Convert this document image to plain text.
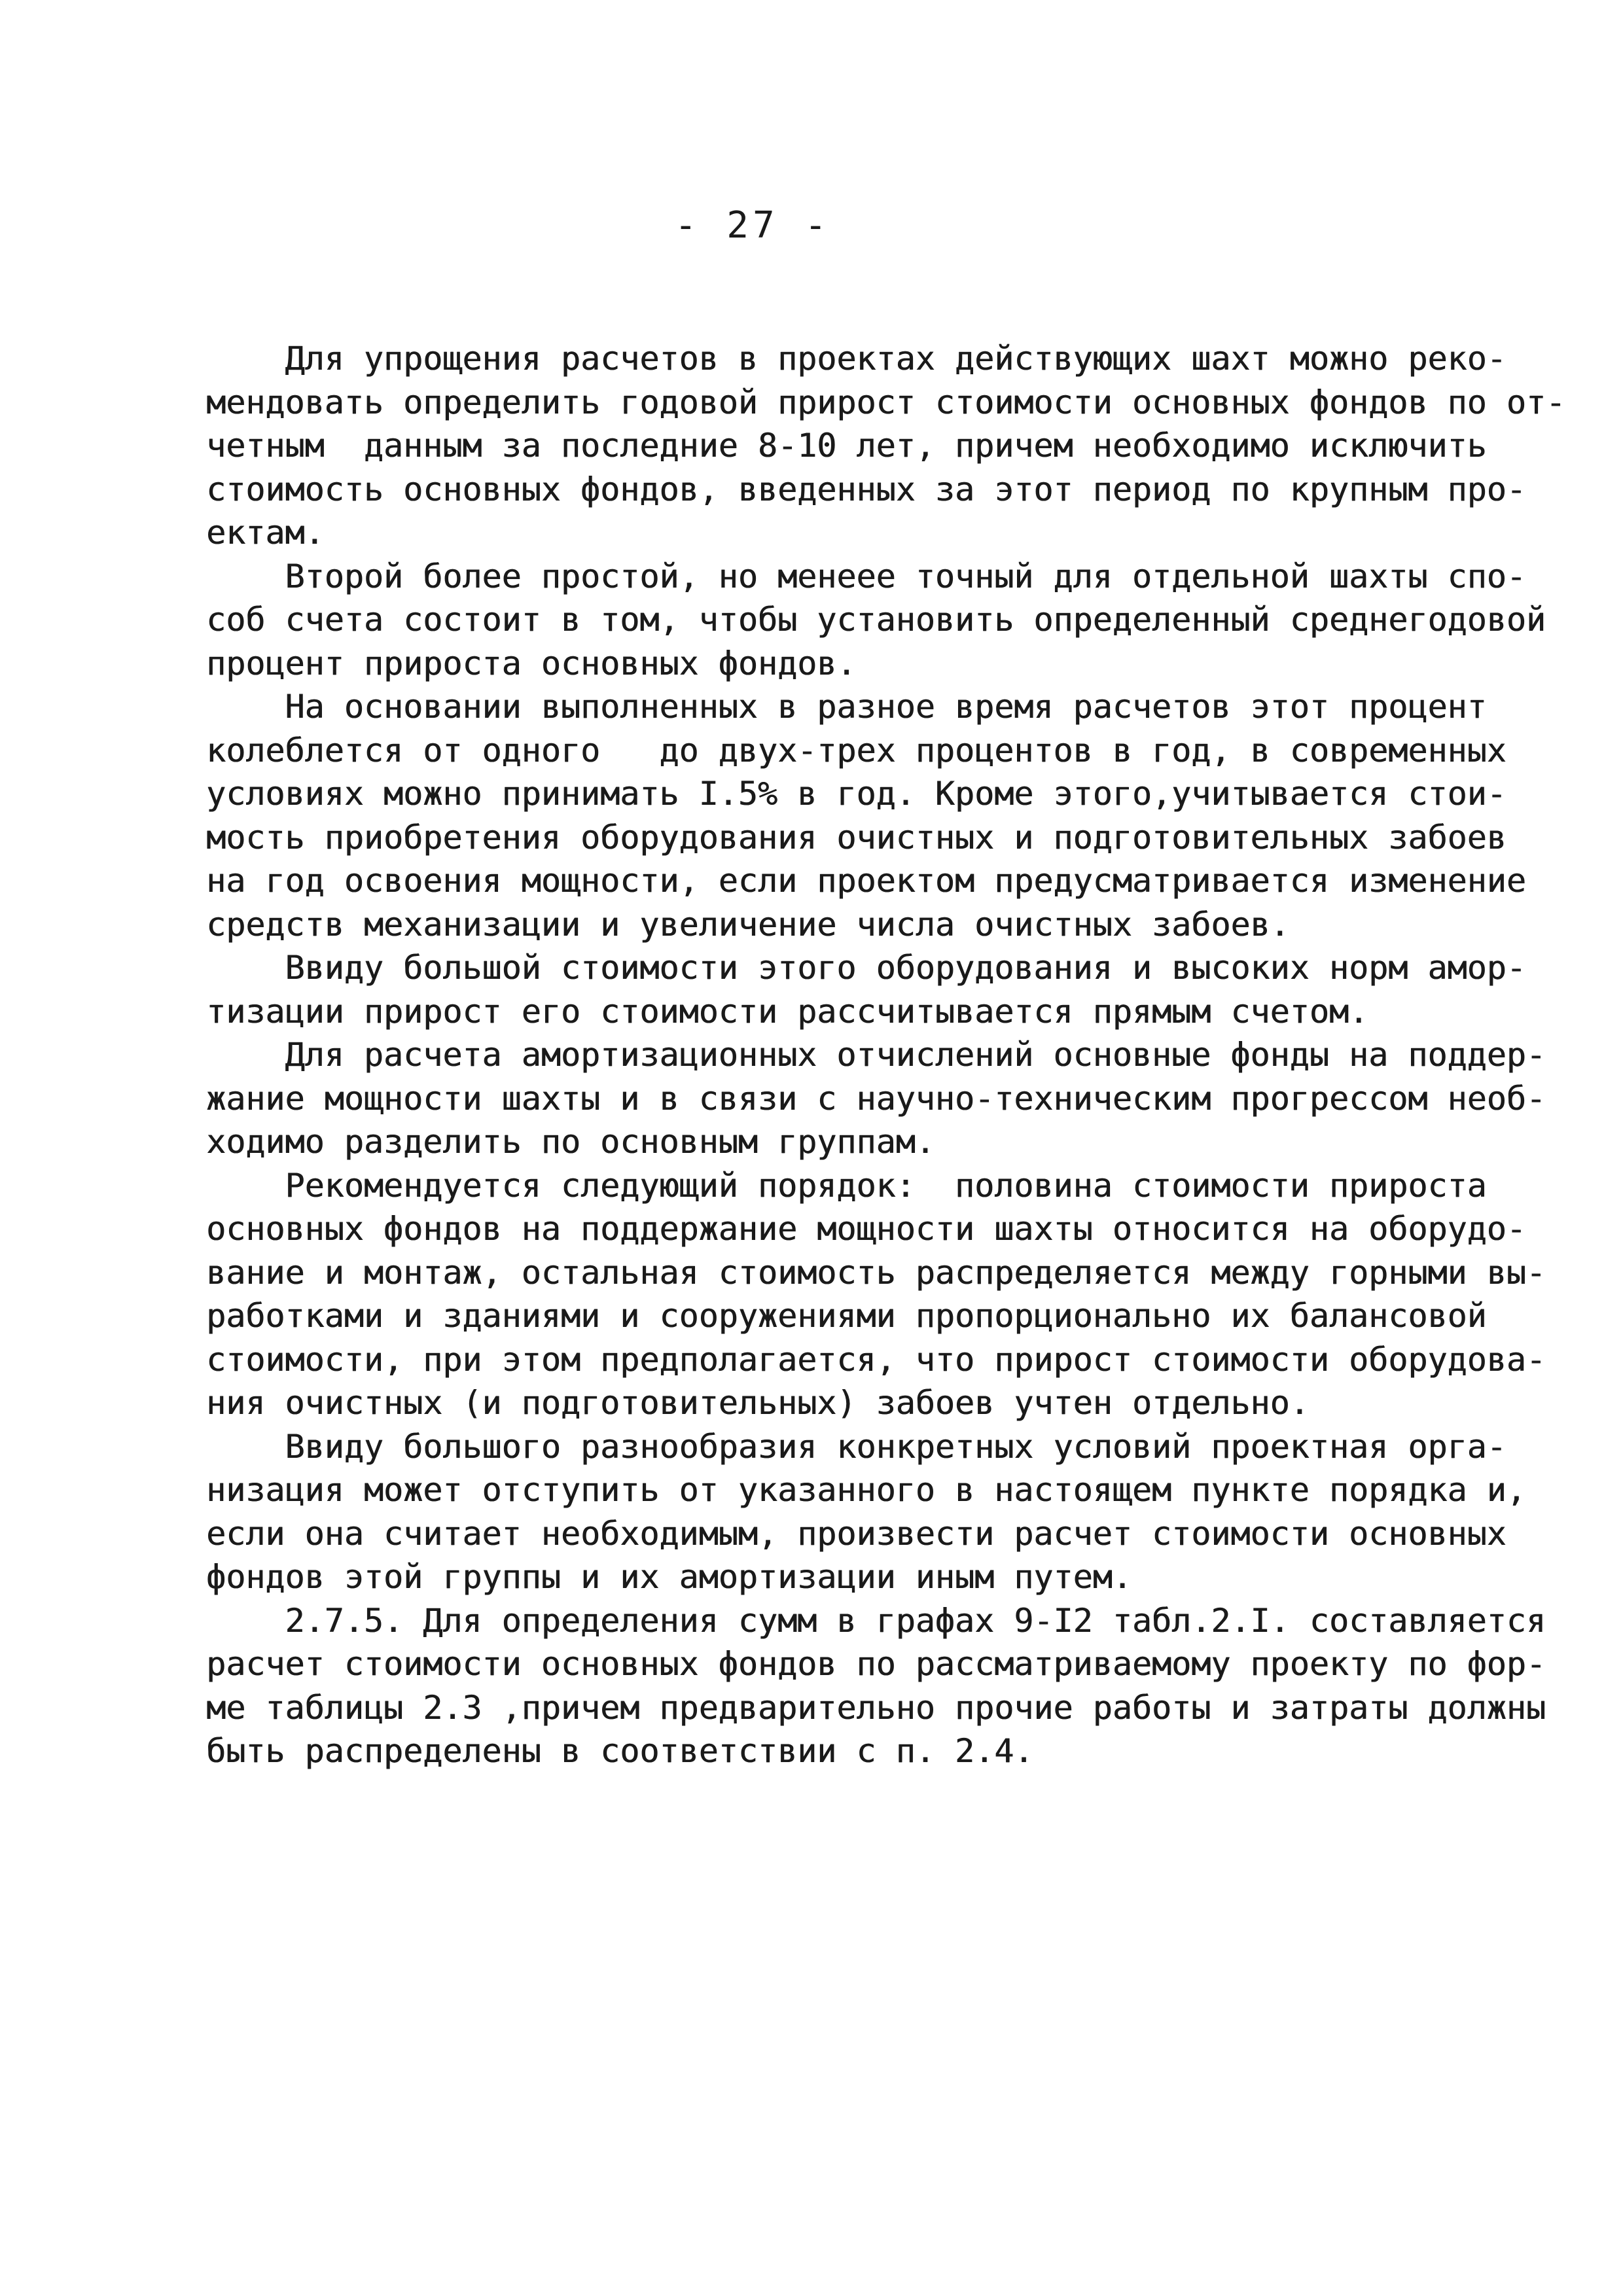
- 27 -
Для упрощения расчетов в проектах действующих шахт можно реко-
мендовать определить годовой прирост стоимости основных фондов по от-
четным  данным за последние 8-10 лет, причем необходимо исключить
стоимость основных фондов, введенных за этот период по крупным про-
ектам.
Второй более простой, но менеее точный для отдельной шахты спо-
соб счета состоит в том, чтобы установить определенный среднегодовой
процент прироста основных фондов.
На основании выполненных в разное время расчетов этот процент
колеблется от одного   до двух-трех процентов в год, в современных
условиях можно принимать I.5% в год. Кроме этого,учитывается стои-
мость приобретения оборудования очистных и подготовительных забоев
на год освоения мощности, если проектом предусматривается изменение
средств механизации и увеличение числа очистных забоев.
Ввиду большой стоимости этого оборудования и высоких норм амор-
тизации прирост его стоимости рассчитывается прямым счетом.
Для расчета амортизационных отчислений основные фонды на поддер-
жание мощности шахты и в связи с научно-техническим прогрессом необ-
ходимо разделить по основным группам.
Рекомендуется следующий порядок:  половина стоимости прироста
основных фондов на поддержание мощности шахты относится на оборудо-
вание и монтаж, остальная стоимость распределяется между горными вы-
работками и зданиями и сооружениями пропорционально их балансовой
стоимости, при этом предполагается, что прирост стоимости оборудова-
ния очистных (и подготовительных) забоев учтен отдельно.
Ввиду большого разнообразия конкретных условий проектная орга-
низация может отступить от указанного в настоящем пункте порядка и,
если она считает необходимым, произвести расчет стоимости основных
фондов этой группы и их амортизации иным путем.
2.7.5. Для определения сумм в графах 9-I2 табл.2.I. составляется
расчет стоимости основных фондов по рассматриваемому проекту по фор-
ме таблицы 2.3 ,причем предварительно прочие работы и затраты должны
быть распределены в соответствии с п. 2.4.
